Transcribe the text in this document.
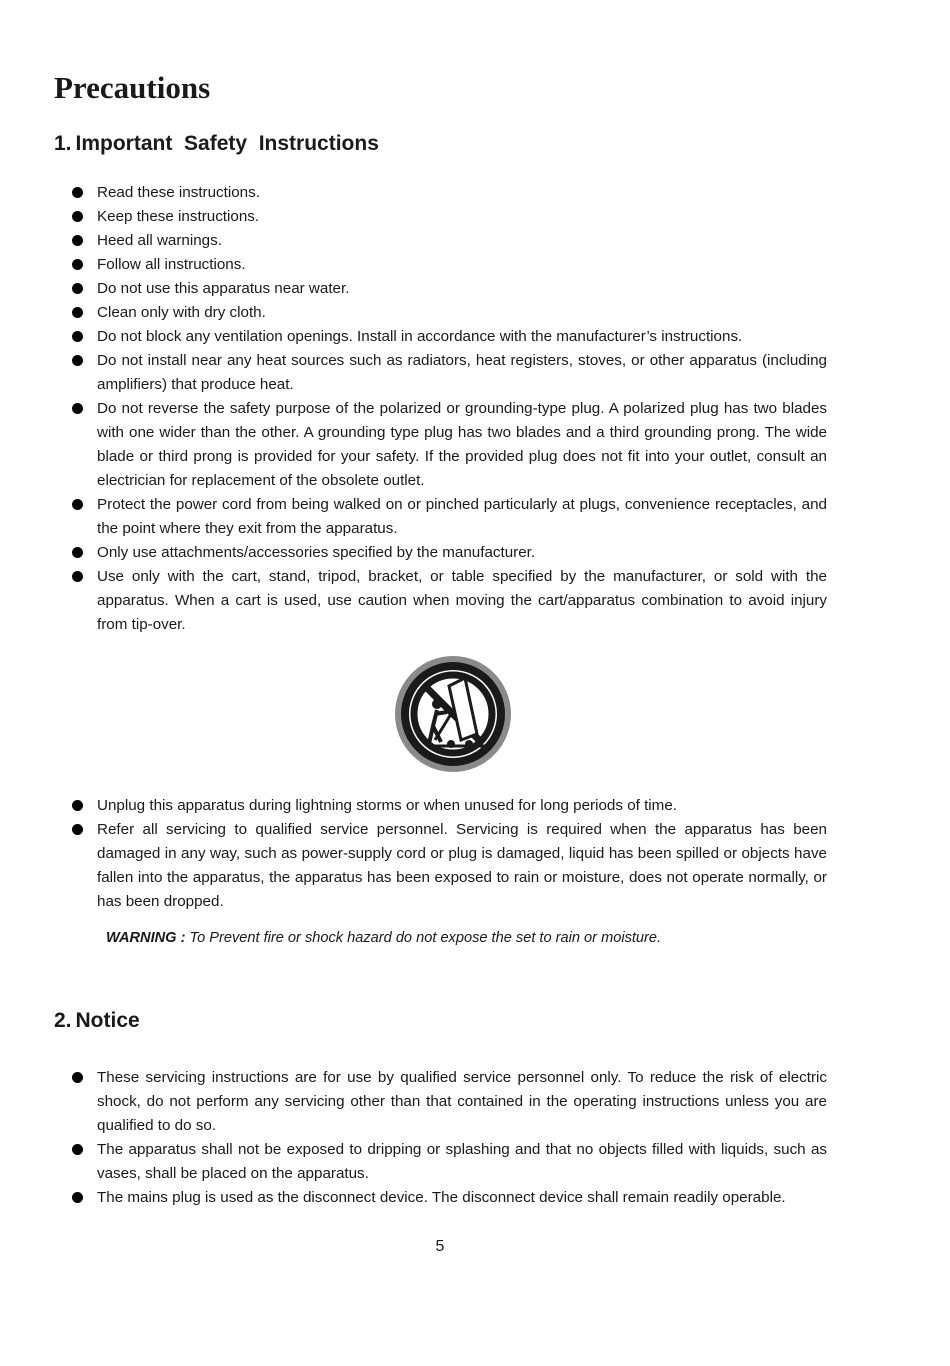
Precautions
1. Important  Safety  Instructions
Read these instructions.
Keep these instructions.
Heed all warnings.
Follow all instructions.
Do not use this apparatus near water.
Clean only with dry cloth.
Do not block any ventilation openings. Install in accordance with the manufacturer’s instructions.
Do not install near any heat sources such as radiators, heat registers, stoves, or other apparatus (including amplifiers) that produce heat.
Do not reverse the safety purpose of the polarized or grounding-type plug. A polarized plug has two blades with one wider than the other. A grounding type plug has two blades and a third grounding prong. The wide blade or third prong is provided for your safety. If the provided plug does not fit into your outlet, consult an electrician for replacement of the obsolete outlet.
Protect the power cord from being walked on or pinched particularly at plugs, convenience receptacles, and the point where they exit from the apparatus.
Only use attachments/accessories specified by the manufacturer.
Use only with the cart, stand, tripod, bracket, or table specified by the manufacturer, or sold with the apparatus. When a cart is used, use caution when moving the cart/apparatus combination to avoid injury from tip-over.
Unplug this apparatus during lightning storms or when unused for long periods of time.
Refer all servicing to qualified service personnel. Servicing is required when the apparatus has been damaged in any way, such as power-supply cord or plug is damaged, liquid has been spilled or objects have fallen into the apparatus, the apparatus has been exposed to rain or moisture, does not operate normally, or has been dropped.

WARNING : To Prevent fire or shock hazard do not expose the set to rain or moisture.

2. Notice
These servicing instructions are for use by qualified service personnel only. To reduce the risk of electric shock, do not perform any servicing other than that contained in the operating instructions unless you are qualified to do so.
The apparatus shall not be exposed to dripping or splashing and that no objects filled with liquids, such as vases, shall be placed on the apparatus.
The mains plug is used as the disconnect device. The disconnect device shall remain readily operable.

5
